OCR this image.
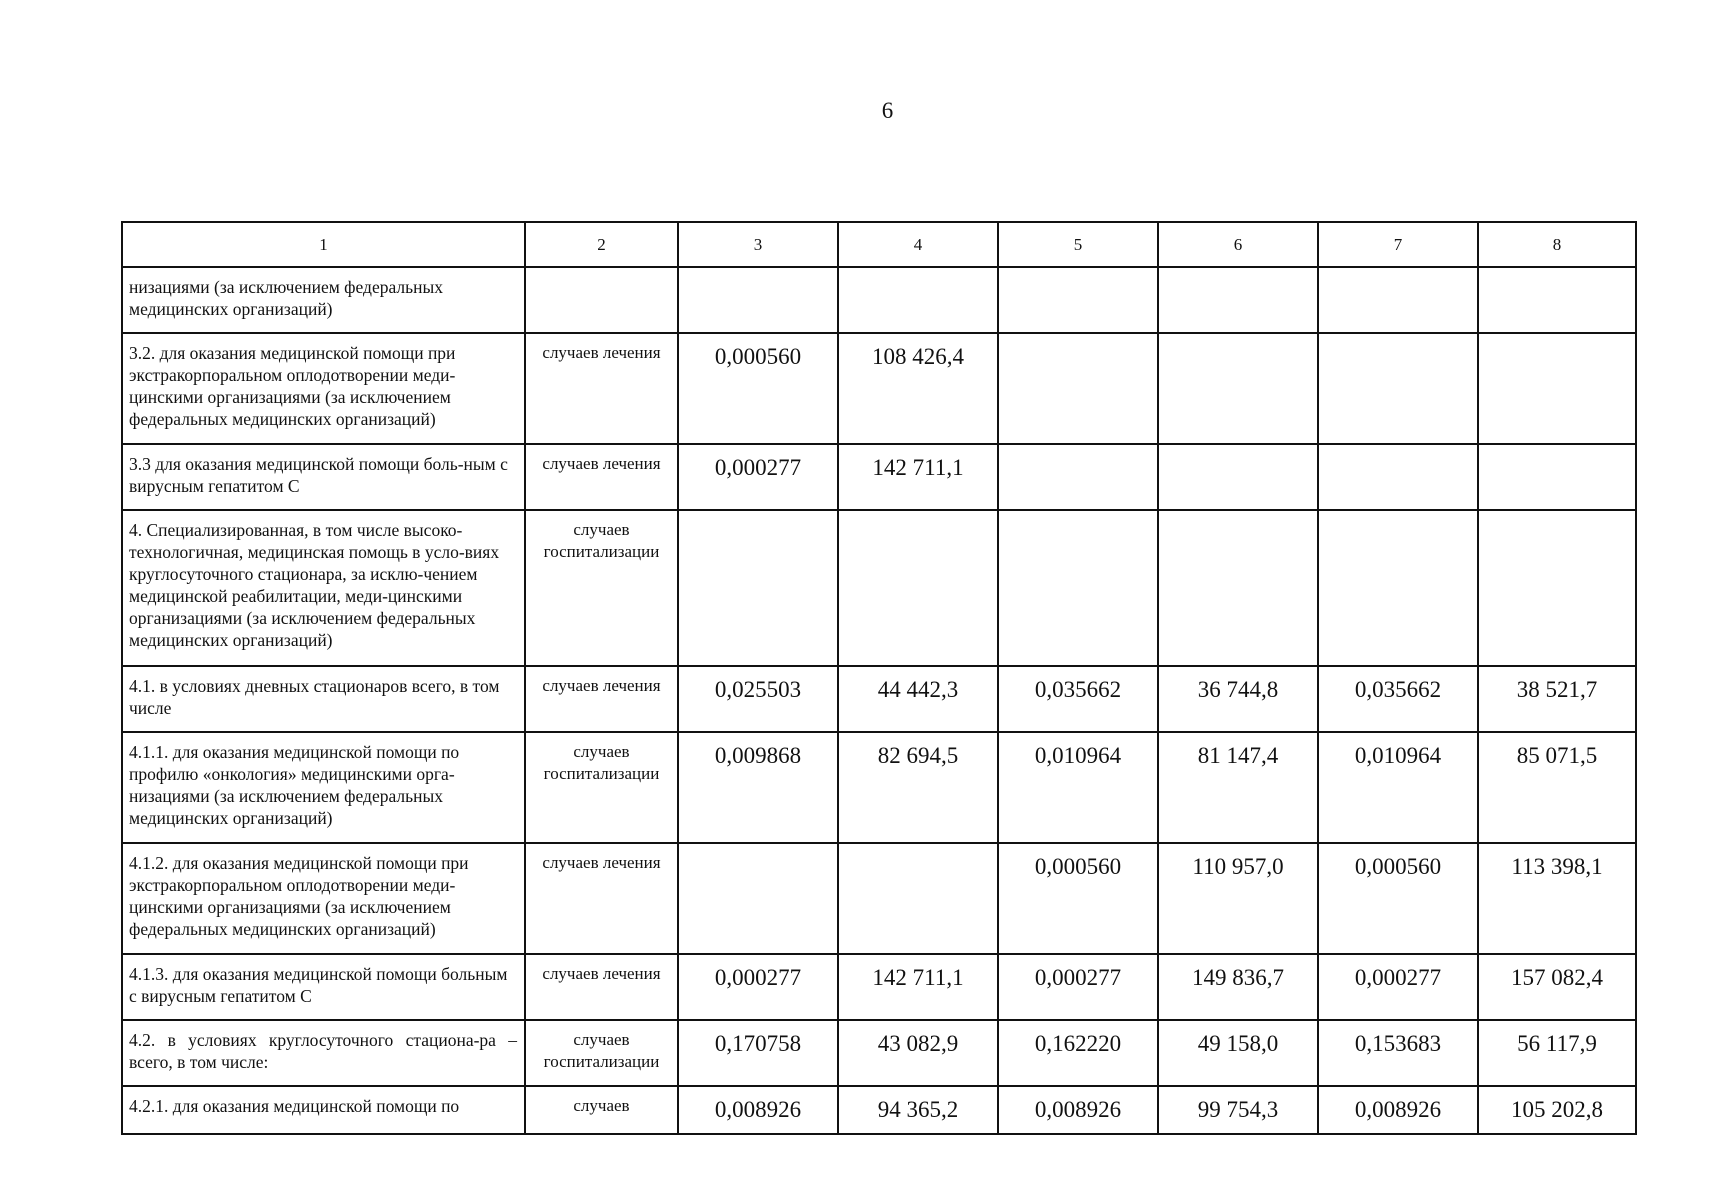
6
1	2	3	4	5	6	7	8
низациями (за исключением федеральных медицинских организаций)							
3.2. для оказания медицинской помощи при экстракорпоральном оплодотворении меди-цинскими организациями (за исключением федеральных медицинских организаций)	случаев лечения	0,000560	108 426,4				
3.3 для оказания медицинской помощи боль-ным с вирусным гепатитом С	случаев лечения	0,000277	142 711,1				
4. Специализированная, в том числе высоко-технологичная, медицинская помощь в усло-виях круглосуточного стационара, за исклю-чением медицинской реабилитации, меди-цинскими организациями (за исключением федеральных медицинских организаций)	случаев госпитализации						
4.1. в условиях дневных стационаров всего, в том числе	случаев лечения	0,025503	44 442,3	0,035662	36 744,8	0,035662	38 521,7
4.1.1. для оказания медицинской помощи по профилю «онкология» медицинскими орга-низациями (за исключением федеральных медицинских организаций)	случаев госпитализации	0,009868	82 694,5	0,010964	81 147,4	0,010964	85 071,5
4.1.2. для оказания медицинской помощи при экстракорпоральном оплодотворении меди-цинскими организациями (за исключением федеральных медицинских организаций)	случаев лечения			0,000560	110 957,0	0,000560	113 398,1
4.1.3. для оказания медицинской помощи больным с вирусным гепатитом С	случаев лечения	0,000277	142 711,1	0,000277	149 836,7	0,000277	157 082,4
4.2. в условиях круглосуточного стациона-ра – всего, в том числе:	случаев госпитализации	0,170758	43 082,9	0,162220	49 158,0	0,153683	56 117,9
4.2.1. для оказания медицинской помощи по	случаев	0,008926	94 365,2	0,008926	99 754,3	0,008926	105 202,8
